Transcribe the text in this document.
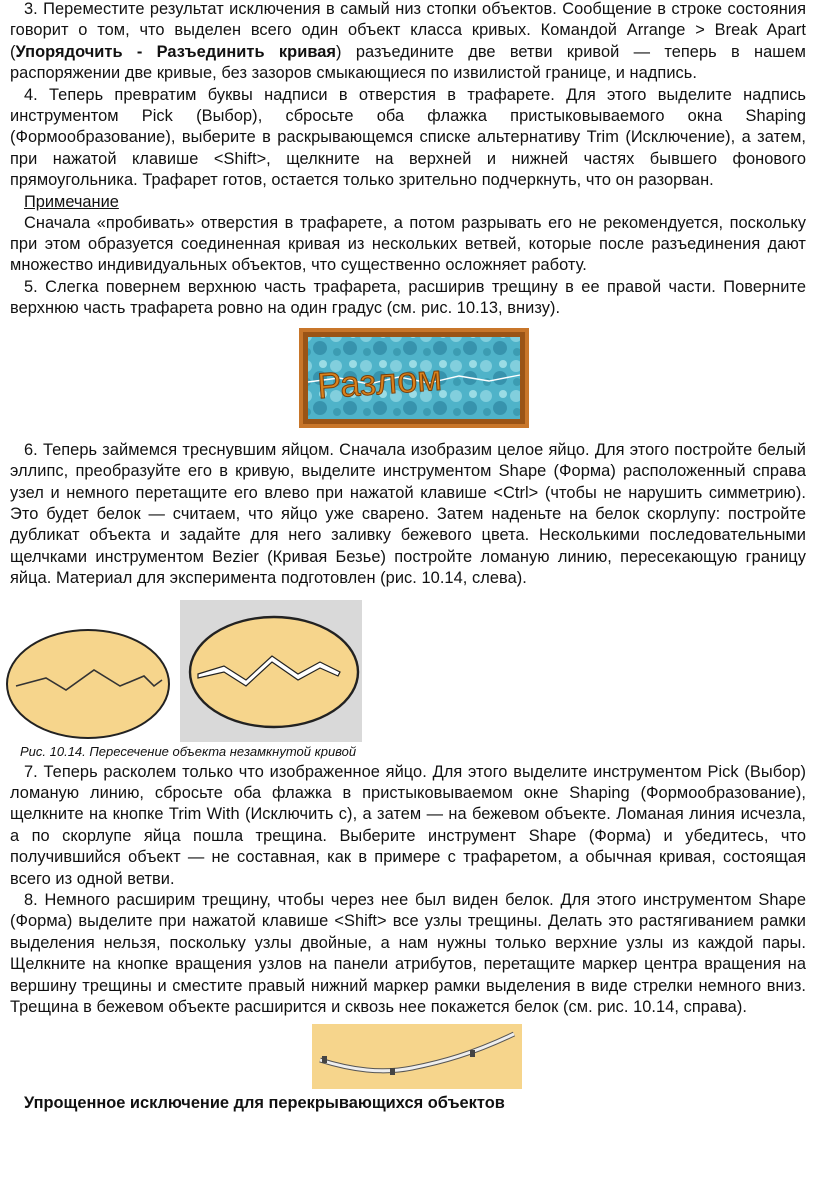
3. Переместите результат исключения в самый низ стопки объектов. Сообщение в строке состояния говорит о том, что выделен всего один объект класса кривых. Командой Arrange > Break Apart (Упорядочить - Разъединить кривая) разъедините две ветви кривой — теперь в нашем распоряжении две кривые, без зазоров смыкающиеся по извилистой границе, и надпись.

4. Теперь превратим буквы надписи в отверстия в трафарете. Для этого выделите надпись инструментом Pick (Выбор), сбросьте оба флажка пристыковываемого окна Shaping (Формообразование), выберите в раскрывающемся списке альтернативу Trim (Исключение), а затем, при нажатой клавише <Shift>, щелкните на верхней и нижней частях бывшего фонового прямоугольника. Трафарет готов, остается только зрительно подчеркнуть, что он разорван.

Примечание

Сначала «пробивать» отверстия в трафарете, а потом разрывать его не рекомендуется, поскольку при этом образуется соединенная кривая из нескольких ветвей, которые после разъединения дают множество индивидуальных объектов, что существенно осложняет работу.

5. Слегка повернем верхнюю часть трафарета, расширив трещину в ее правой части. Поверните верхнюю часть трафарета ровно на один градус (см. рис. 10.13, внизу).

Разлом

6. Теперь займемся треснувшим яйцом. Сначала изобразим целое яйцо. Для этого постройте белый эллипс, преобразуйте его в кривую, выделите инструментом Shape (Форма) расположенный справа узел и немного перетащите его влево при нажатой клавише <Ctrl> (чтобы не нарушить симметрию). Это будет белок — считаем, что яйцо уже сварено. Затем наденьте на белок скорлупу: постройте дубликат объекта и задайте для него заливку бежевого цвета. Несколькими последовательными щелчками инструментом Bezier (Кривая Безье) постройте ломаную линию, пересекающую границу яйца. Материал для эксперимента подготовлен (рис. 10.14, слева).

Рис. 10.14. Пересечение объекта незамкнутой кривой

7. Теперь расколем только что изображенное яйцо. Для этого выделите инструментом Pick (Выбор) ломаную линию, сбросьте оба флажка в пристыковываемом окне Shaping (Формообразование), щелкните на кнопке Trim With (Исключить с), а затем — на бежевом объекте. Ломаная линия исчезла, а по скорлупе яйца пошла трещина. Выберите инструмент Shape (Форма) и убедитесь, что получившийся объект — не составная, как в примере с трафаретом, а обычная кривая, состоящая всего из одной ветви.

8. Немного расширим трещину, чтобы через нее был виден белок. Для этого инструментом Shape (Форма) выделите при нажатой клавише <Shift> все узлы трещины. Делать это растягиванием рамки выделения нельзя, поскольку узлы двойные, а нам нужны только верхние узлы из каждой пары. Щелкните на кнопке вращения узлов на панели атрибутов, перетащите маркер центра вращения на вершину трещины и сместите правый нижний маркер рамки выделения в виде стрелки немного вниз. Трещина в бежевом объекте расширится и сквозь нее покажется белок (см. рис. 10.14, справа).

Упрощенное исключение для перекрывающихся объектов
